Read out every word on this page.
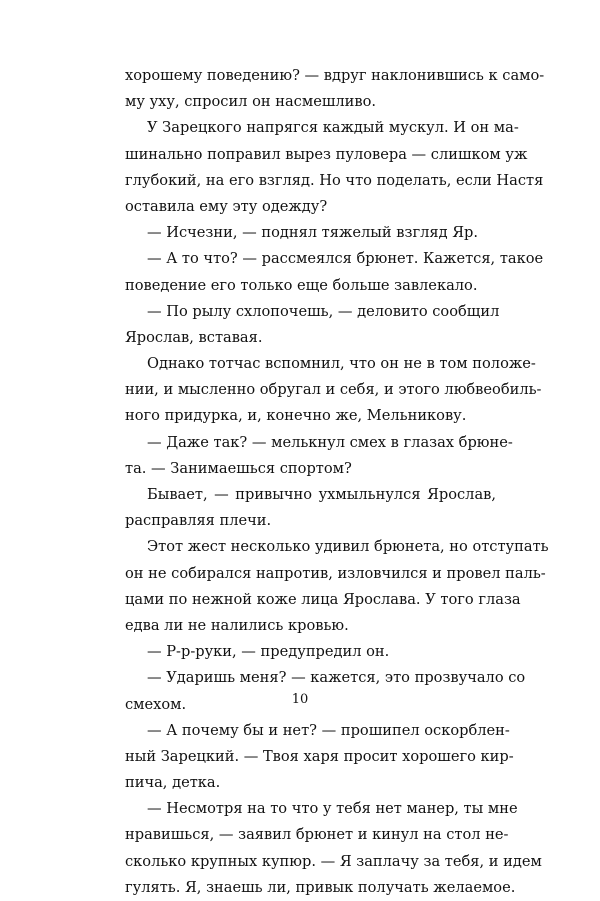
хорошему поведению? — вдруг наклонившись к само-
му уху, спросил он насмешливо.
У Зарецкого напрягся каждый мускул. И он ма-
шинально поправил вырез пуловера — слишком уж
глубокий, на его взгляд. Но что поделать, если Настя
оставила ему эту одежду?
— Исчезни, — поднял тяжелый взгляд Яр.
— А то что? — рассмеялся брюнет. Кажется, такое
поведение его только еще больше завлекало.
— По рылу схлопочешь, — деловито сообщил
Ярослав, вставая.
Однако тотчас вспомнил, что он не в том положе-
нии, и мысленно обругал и себя, и этого любвеобиль-
ного придурка, и, конечно же, Мельникову.
— Даже так? — мелькнул смех в глазах брюне-
та. — Занимаешься спортом?
Бывает, — привычно ухмыльнулся Ярослав,
расправляя плечи.
Этот жест несколько удивил брюнета, но отступать
он не собирался напротив, изловчился и провел паль-
цами по нежной коже лица Ярослава. У того глаза
едва ли не налились кровью.
— Р-р-руки, — предупредил он.
— Ударишь меня? — кажется, это прозвучало со
смехом.
— А почему бы и нет? — прошипел оскорблен-
ный Зарецкий. — Твоя харя просит хорошего кир-
пича, детка.
— Несмотря на то что у тебя нет манер, ты мне
нравишься, — заявил брюнет и кинул на стол не-
сколько крупных купюр. — Я заплачу за тебя, и идем
гулять. Я, знаешь ли, привык получать желаемое.
10
